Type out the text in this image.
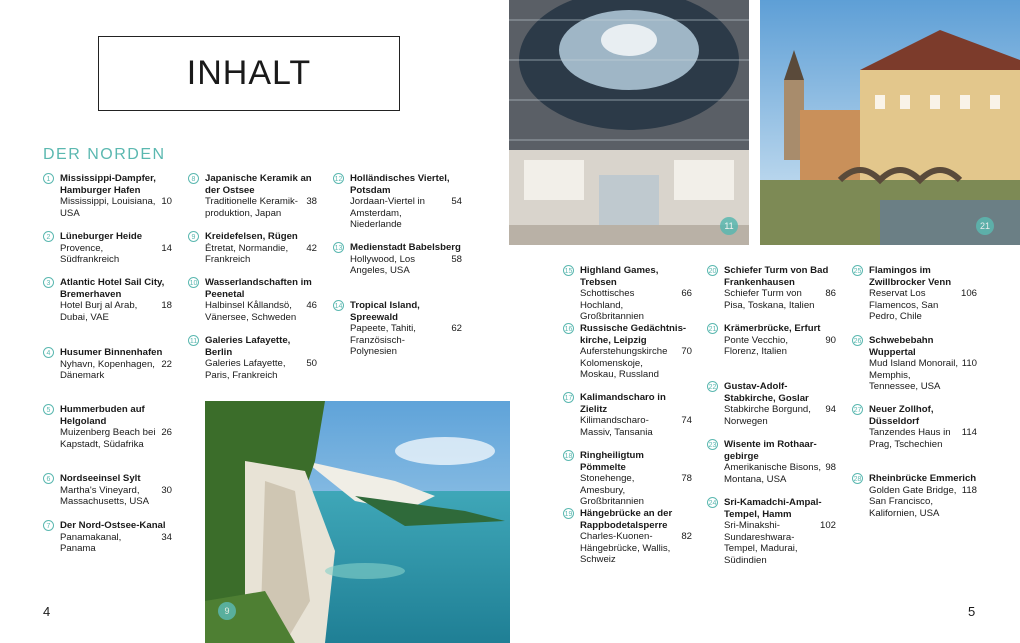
INHALT
DER NORDEN
1 Mississippi-Dampfer, Hamburger Hafen
Mississippi, Louisiana, USA
10
2 Lüneburger Heide
Provence, Südfrankreich
14
3 Atlantic Hotel Sail City, Bremerhaven
Hotel Burj al Arab, Dubai, VAE
18
4 Husumer Binnenhafen
Nyhavn, Kopenhagen, Dänemark
22
5 Hummerbuden auf Helgoland
Muizenberg Beach bei Kapstadt, Südafrika
26
6 Nordseeinsel Sylt
Martha's Vineyard, Massachusetts, USA
30
7 Der Nord-Ostsee-Kanal
Panamakanal, Panama
34
8 Japanische Keramik an der Ostsee
Traditionelle Keramik-produktion, Japan
38
9 Kreidefelsen, Rügen
Étretat, Normandie, Frankreich
42
10 Wasserlandschaften im Peenetal
Halbinsel Kållandsö, Vänersee, Schweden
46
11 Galeries Lafayette, Berlin
Galeries Lafayette, Paris, Frankreich
50
12 Holländisches Viertel, Potsdam
Jordaan-Viertel in Amsterdam, Niederlande
54
13 Medienstadt Babelsberg
Hollywood, Los Angeles, USA
58
14 Tropical Island, Spreewald
Papeete, Tahiti, Französisch-Polynesien
62
15 Highland Games, Trebsen
Schottisches Hochland, Großbritannien
66
16 Russische Gedächtnis-kirche, Leipzig
Auferstehungskirche Kolomenskoje, Moskau, Russland
70
17 Kalimandscharo in Zielitz
Kilimandscharo-Massiv, Tansania
74
18 Ringheiligtum Pömmelte
Stonehenge, Amesbury, Großbritannien
78
19 Hängebrücke an der Rappbodetalsperre
Charles-Kuonen-Hängebrücke, Wallis, Schweiz
82
20 Schiefer Turm von Bad Frankenhausen
Schiefer Turm von Pisa, Toskana, Italien
86
21 Krämerbrücke, Erfurt
Ponte Vecchio, Florenz, Italien
90
22 Gustav-Adolf-Stabkirche, Goslar
Stabkirche Borgund, Norwegen
94
23 Wisente im Rothaar-gebirge
Amerikanische Bisons, Montana, USA
98
24 Sri-Kamadchi-Ampal-Tempel, Hamm
Sri-Minakshi-Sundareshwara-Tempel, Madurai, Südindien
102
25 Flamingos im Zwillbrocker Venn
Reservat Los Flamencos, San Pedro, Chile
106
26 Schwebebahn Wuppertal
Mud Island Monorail, Memphis, Tennessee, USA
110
27 Neuer Zollhof, Düsseldorf
Tanzendes Haus in Prag, Tschechien
114
28 Rheinbrücke Emmerich
Golden Gate Bridge, San Francisco, Kalifornien, USA
118
9
11	21
4	5
